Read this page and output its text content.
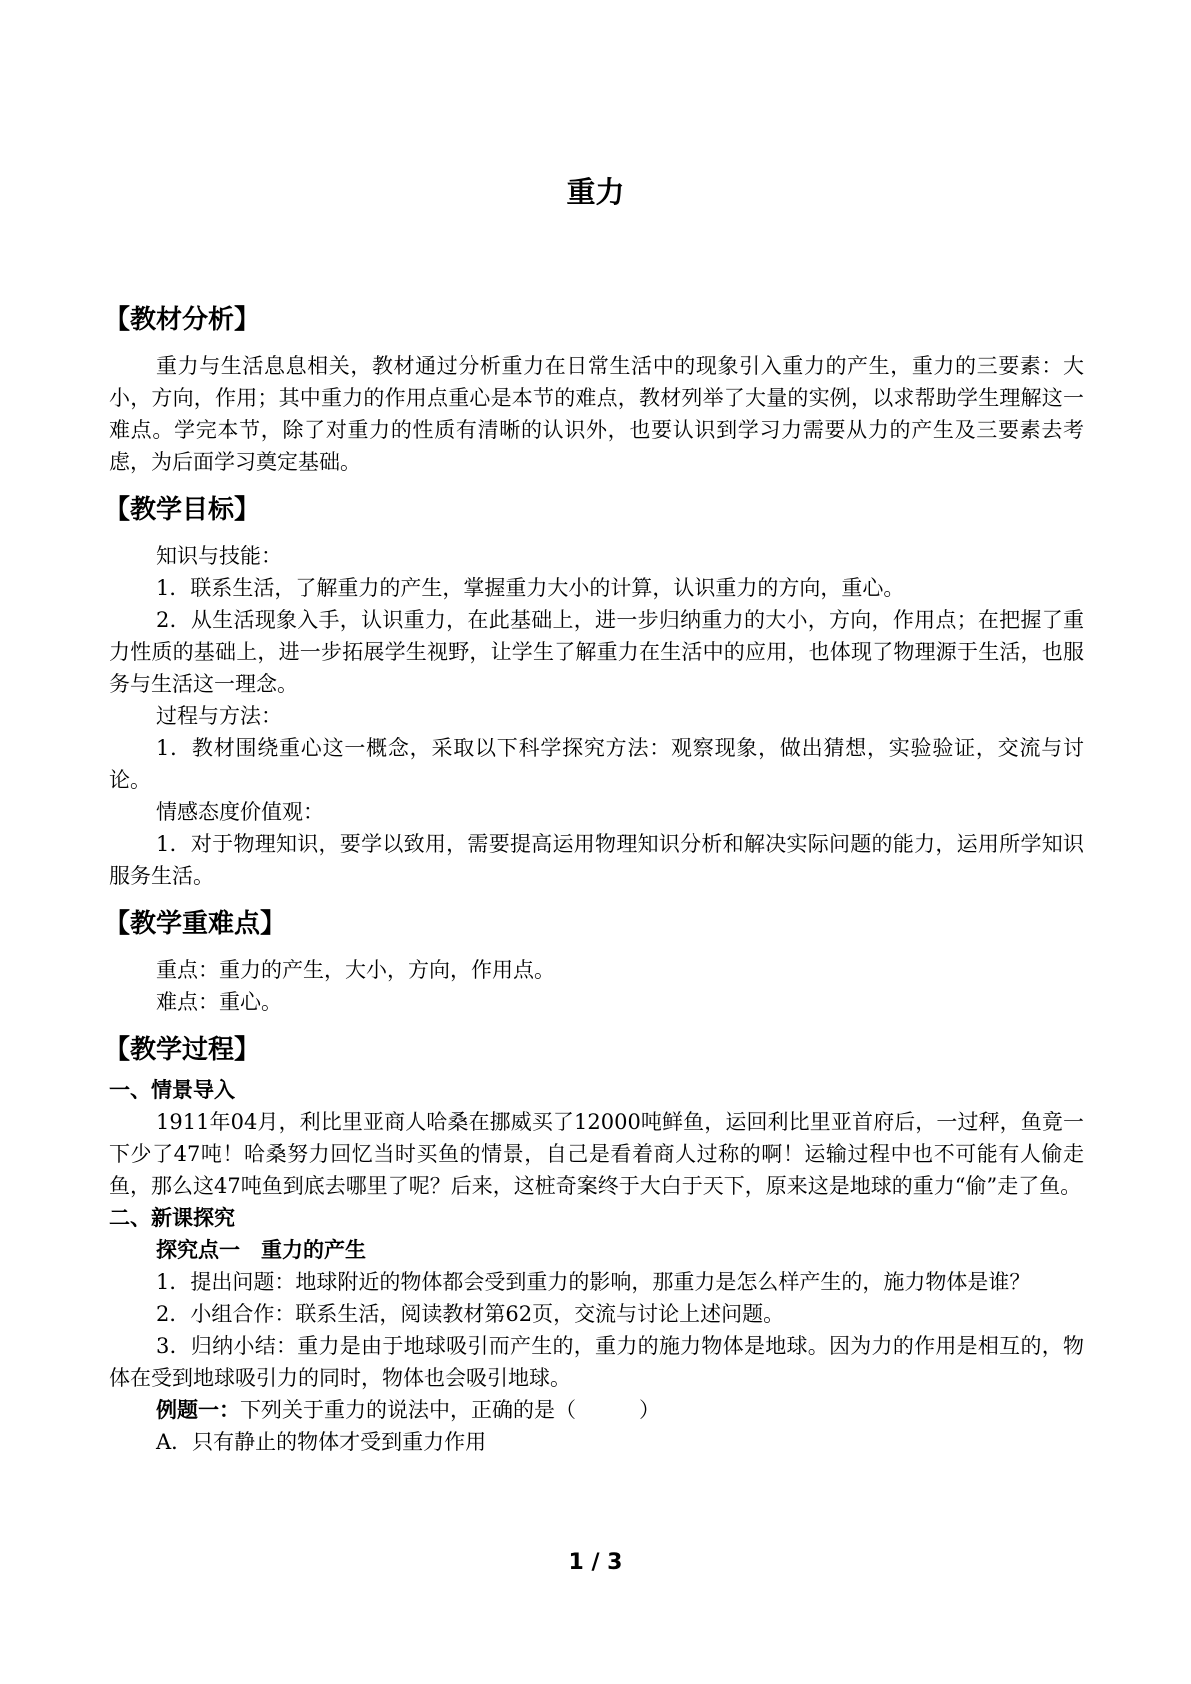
重力
【教材分析】

重力与生活息息相关，教材通过分析重力在日常生活中的现象引入重力的产生，重力的三要素：大小，方向，作用；其中重力的作用点重心是本节的难点，教材列举了大量的实例，以求帮助学生理解这一难点。学完本节，除了对重力的性质有清晰的认识外，也要认识到学习力需要从力的产生及三要素去考虑，为后面学习奠定基础。

【教学目标】

知识与技能：

1．联系生活，了解重力的产生，掌握重力大小的计算，认识重力的方向，重心。

2．从生活现象入手，认识重力，在此基础上，进一步归纳重力的大小，方向，作用点；在把握了重力性质的基础上，进一步拓展学生视野，让学生了解重力在生活中的应用，也体现了物理源于生活，也服务与生活这一理念。

过程与方法：

1．教材围绕重心这一概念，采取以下科学探究方法：观察现象，做出猜想，实验验证，交流与讨论。

情感态度价值观：

1．对于物理知识，要学以致用，需要提高运用物理知识分析和解决实际问题的能力，运用所学知识服务生活。

【教学重难点】

重点：重力的产生，大小，方向，作用点。

难点：重心。

【教学过程】
一、情景导入

1911年04月，利比里亚商人哈桑在挪威买了12000吨鲜鱼，运回利比里亚首府后，一过秤，鱼竟一下少了47吨！哈桑努力回忆当时买鱼的情景，自己是看着商人过称的啊！运输过程中也不可能有人偷走鱼，那么这47吨鱼到底去哪里了呢？后来，这桩奇案终于大白于天下，原来这是地球的重力“偷”走了鱼。

二、新课探究
探究点一　重力的产生

1．提出问题：地球附近的物体都会受到重力的影响，那重力是怎么样产生的，施力物体是谁？

2．小组合作：联系生活，阅读教材第62页，交流与讨论上述问题。

3．归纳小结：重力是由于地球吸引而产生的，重力的施力物体是地球。因为力的作用是相互的，物体在受到地球吸引力的同时，物体也会吸引地球。

例题一：下列关于重力的说法中，正确的是（　　　）

A．只有静止的物体才受到重力作用

1 / 3
